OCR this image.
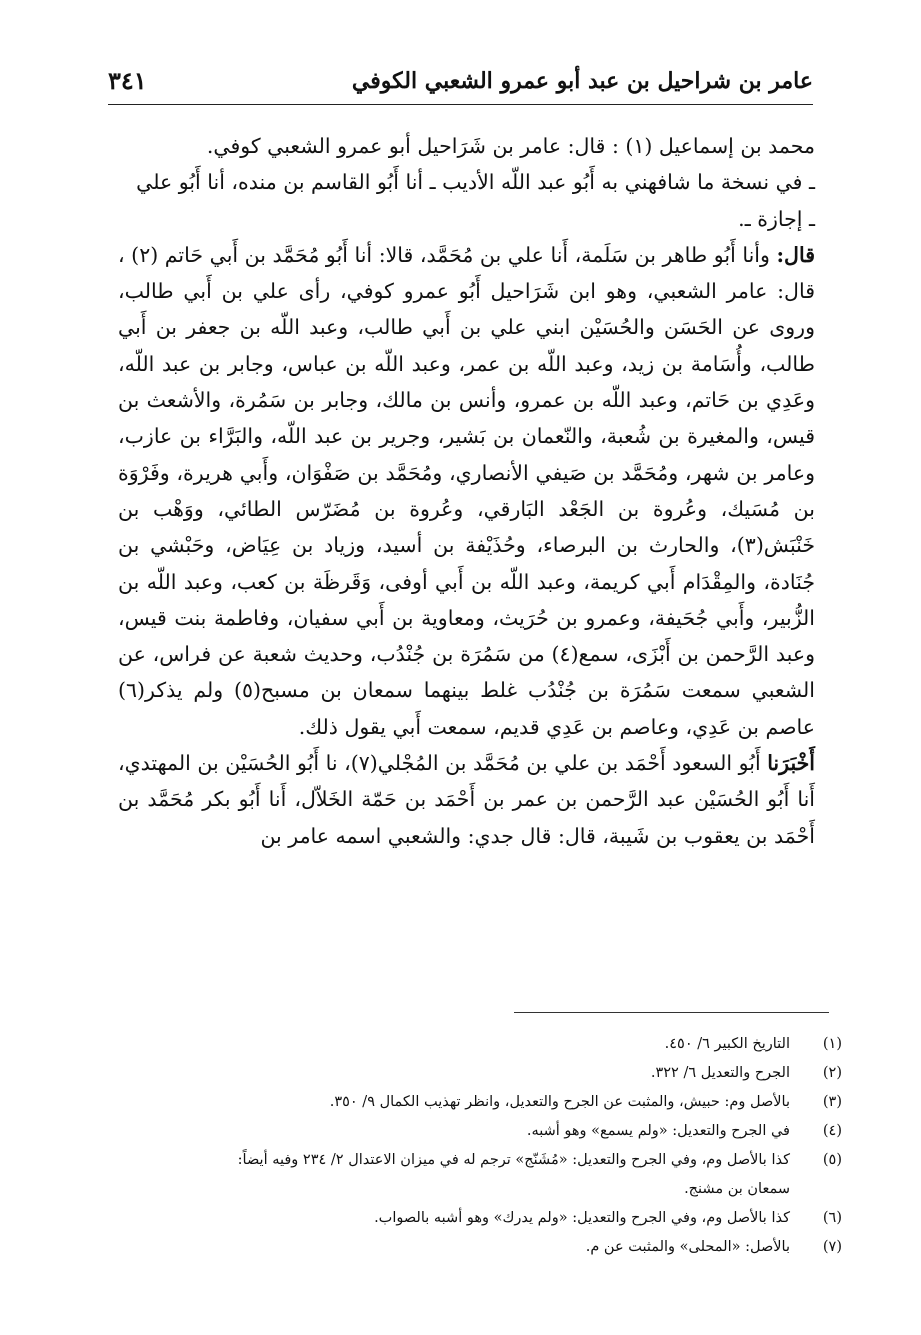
عامر بن شراحيل بن عبد أبو عمرو الشعبي الكوفي
٣٤١

محمد بن إسماعيل (١) : قال: عامر بن شَرَاحيل أبو عمرو الشعبي كوفي.

ـ في نسخة ما شافهني به أَبُو عبد اللّه الأديب ـ أنا أَبُو القاسم بن منده، أنا أَبُو علي

ـ إجازة ـ.

قال: وأنا أَبُو طاهر بن سَلَمة، أَنا علي بن مُحَمَّد، قالا: أنا أَبُو مُحَمَّد بن أَبي حَاتم (٢) ، قال: عامر الشعبي، وهو ابن شَرَاحيل أَبُو عمرو كوفي، رأى علي بن أَبي طالب، وروى عن الحَسَن والحُسَيْن ابني علي بن أَبي طالب، وعبد اللّه بن جعفر بن أَبي طالب، وأُسَامة بن زيد، وعبد اللّه بن عمر، وعبد اللّه بن عباس، وجابر بن عبد اللّه، وعَدِي بن حَاتم، وعبد اللّه بن عمرو، وأنس بن مالك، وجابر بن سَمُرة، والأشعث بن قيس، والمغيرة بن شُعبة، والنّعمان بن بَشير، وجرير بن عبد اللّه، والبَرَّاء بن عازب، وعامر بن شهر، ومُحَمَّد بن صَيفي الأنصاري، ومُحَمَّد بن صَفْوَان، وأَبي هريرة، وفَرْوَة بن مُسَيك، وعُروة بن الجَعْد البَارقي، وعُروة بن مُضَرّس الطائي، ووَهْب بن خَنْبَش(٣)، والحارث بن البرصاء، وحُذَيْفة بن أسيد، وزياد بن عِيَاض، وحَبْشي بن جُنَادة، والمِقْدَام أَبي كريمة، وعبد اللّه بن أَبي أوفى، وَقَرظَة بن كعب، وعبد اللّه بن الزُّبير، وأَبي جُحَيفة، وعمرو بن حُرَيث، ومعاوية بن أَبي سفيان، وفاطمة بنت قيس، وعبد الرَّحمن بن أَبْزَى، سمع(٤) من سَمُرَة بن جُنْدُب، وحديث شعبة عن فراس، عن الشعبي سمعت سَمُرَة بن جُنْدُب غلط بينهما سمعان بن مسبح(٥) ولم يذكر(٦) عاصم بن عَدِي، وعاصم بن عَدِي قديم، سمعت أَبي يقول ذلك.

أَخْبَرَنا أَبُو السعود أَحْمَد بن علي بن مُحَمَّد بن المُجْلي(٧)، نا أَبُو الحُسَيْن بن المهتدي، أَنا أَبُو الحُسَيْن عبد الرَّحمن بن عمر بن أَحْمَد بن حَمّة الخَلاّل، أَنا أَبُو بكر مُحَمَّد بن أَحْمَد بن يعقوب بن شَيبة، قال: قال جدي: والشعبي اسمه عامر بن

(١)
التاريخ الكبير ٦/ ٤٥٠.
(٢)
الجرح والتعديل ٦/ ٣٢٢.
(٣)
بالأصل وم: حبيش، والمثبت عن الجرح والتعديل، وانظر تهذيب الكمال ٩/ ٣٥٠.
(٤)
في الجرح والتعديل: «ولم يسمع» وهو أشبه.
(٥)
كذا بالأصل وم، وفي الجرح والتعديل: «مُشَنّج» ترجم له في ميزان الاعتدال ٢/ ٢٣٤ وفيه أيضاً:
سمعان بن مشنج.
(٦)
كذا بالأصل وم، وفي الجرح والتعديل: «ولم يدرك» وهو أشبه بالصواب.
(٧)
بالأصل: «المحلى» والمثبت عن م.
